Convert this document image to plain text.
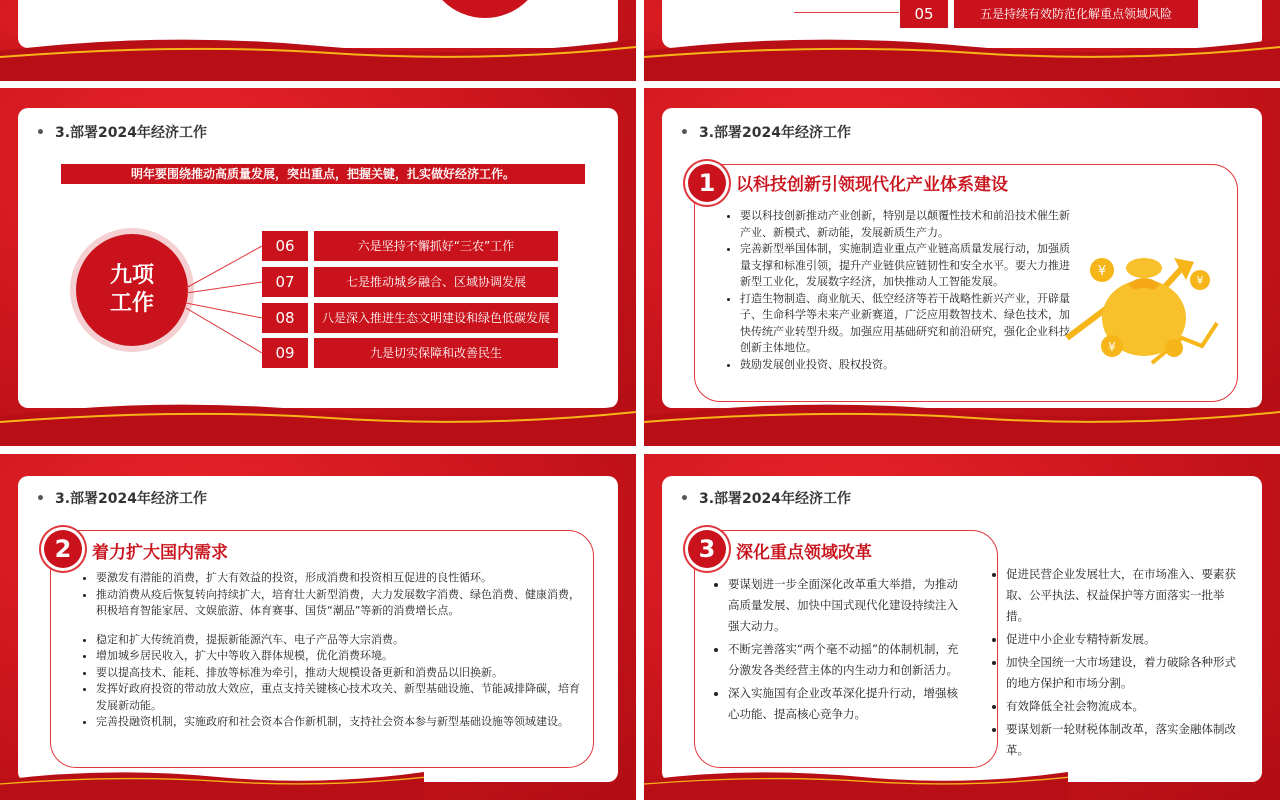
05	五是持续有效防范化解重点领域风险
• 3.部署2024年经济工作
明年要围绕推动高质量发展，突出重点，把握关键，扎实做好经济工作。
九项
工作
06	六是坚持不懈抓好“三农”工作
07	七是推动城乡融合、区域协调发展
08	八是深入推进生态文明建设和绿色低碳发展
09	九是切实保障和改善民生
• 3.部署2024年经济工作
1	以科技创新引领现代化产业体系建设
• 要以科技创新推动产业创新，特别是以颠覆性技术和前沿技术催生新产业、新模式、新动能，发展新质生产力。
• 完善新型举国体制，实施制造业重点产业链高质量发展行动，加强质量支撑和标准引领，提升产业链供应链韧性和安全水平。要大力推进新型工业化，发展数字经济，加快推动人工智能发展。
• 打造生物制造、商业航天、低空经济等若干战略性新兴产业，开辟量子、生命科学等未来产业新赛道，广泛应用数智技术、绿色技术，加快传统产业转型升级。加强应用基础研究和前沿研究，强化企业科技创新主体地位。
• 鼓励发展创业投资、股权投资。
¥
¥
¥
• 3.部署2024年经济工作
2	着力扩大国内需求
• 要激发有潜能的消费，扩大有效益的投资，形成消费和投资相互促进的良性循环。
• 推动消费从疫后恢复转向持续扩大，培育壮大新型消费，大力发展数字消费、绿色消费、健康消费，积极培育智能家居、文娱旅游、体育赛事、国货“潮品”等新的消费增长点。
• 稳定和扩大传统消费，提振新能源汽车、电子产品等大宗消费。
• 增加城乡居民收入，扩大中等收入群体规模，优化消费环境。
• 要以提高技术、能耗、排放等标准为牵引，推动大规模设备更新和消费品以旧换新。
• 发挥好政府投资的带动放大效应，重点支持关键核心技术攻关、新型基础设施、节能减排降碳，培育发展新动能。
• 完善投融资机制，实施政府和社会资本合作新机制，支持社会资本参与新型基础设施等领域建设。
• 3.部署2024年经济工作
3	深化重点领域改革
• 要谋划进一步全面深化改革重大举措，为推动高质量发展、加快中国式现代化建设持续注入强大动力。
• 不断完善落实“两个毫不动摇”的体制机制，充分激发各类经营主体的内生动力和创新活力。
• 深入实施国有企业改革深化提升行动，增强核心功能、提高核心竞争力。
• 促进民营企业发展壮大，在市场准入、要素获取、公平执法、权益保护等方面落实一批举措。
• 促进中小企业专精特新发展。
• 加快全国统一大市场建设，着力破除各种形式的地方保护和市场分割。
• 有效降低全社会物流成本。
• 要谋划新一轮财税体制改革，落实金融体制改革。
